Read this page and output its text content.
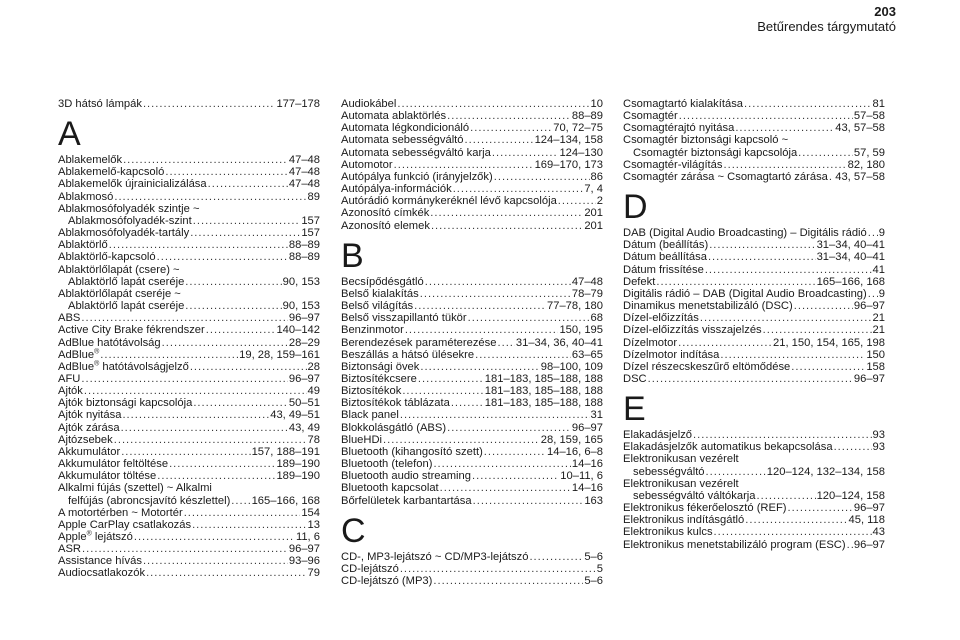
203
Betűrendes tárgymutató
3D hátsó lámpák .....	177–178
A
Ablakemelők .....	47–48
Ablakemelő-kapcsoló .....	47–48
Ablakemelők újrainicializálása .....	47–48
Ablakmosó .....	89
Ablakmosófolyadék szintje ~
Ablakmosófolyadék-szint .....	157
Ablakmosófolyadék-tartály .....	157
Ablaktörlő .....	88–89
Ablaktörlő-kapcsoló .....	88–89
Ablaktörlőlapát (csere) ~
Ablaktörlő lapát cseréje .....	90, 153
Ablaktörlőlapát cseréje ~
Ablaktörlő lapát cseréje .....	90, 153
ABS .....	96–97
Active City Brake fékrendszer .....	140–142
AdBlue hatótávolság .....	28–29
AdBlue® .....	19, 28, 159–161
AdBlue® hatótávolságjelző .....	28
AFU .....	96–97
Ajtók .....	49
Ajtók biztonsági kapcsolója .....	50–51
Ajtók nyitása .....	43, 49–51
Ajtók zárása .....	43, 49
Ajtózsebek .....	78
Akkumulátor .....	157, 188–191
Akkumulátor feltöltése .....	189–190
Akkumulátor töltése .....	189–190
Alkalmi fújás (szettel) ~ Alkalmi
felfújás (abroncsjavító készlettel) ..... 165–166, 168
A motortérben ~ Motortér .....	154
Apple CarPlay csatlakozás .....	13
Apple® lejátszó .....	11, 6
ASR .....	96–97
Assistance hívás .....	93–96
Audiocsatlakozók .....	79
Audiokábel .....	10
Automata ablaktörlés .....	88–89
Automata légkondicionáló .....	70, 72–75
Automata sebességváltó .....	124–134, 158
Automata sebességváltó karja .....	124–130
Automotor .....	169–170, 173
Autópálya funkció (irányjelzők) .....	86
Autópálya-információk .....	7, 4
Autórádió kormánykeréknél lévő kapcsolója .....	2
Azonosító címkék .....	201
Azonosító elemek .....	201
B
Becsípődésgátló .....	47–48
Belső kialakítás .....	78–79
Belső világítás .....	77–78, 180
Belső visszapillantó tükör .....	68
Benzinmotor .....	150, 195
Berendezések paraméterezése ..... 31–34, 36, 40–41
Beszállás a hátsó ülésekre .....	63–65
Biztonsági övek .....	98–100, 109
Biztosítékcsere .....	181–183, 185–188, 188
Biztosítékok .....	181–183, 185–188, 188
Biztosítékok táblázata .....	181–183, 185–188, 188
Black panel .....	31
Blokkolásgátló (ABS) .....	96–97
BlueHDi .....	28, 159, 165
Bluetooth (kihangosító szett) .....	14–16, 6–8
Bluetooth (telefon) .....	14–16
Bluetooth audio streaming .....	10–11, 6
Bluetooth kapcsolat .....	14–16
Bőrfelületek karbantartása .....	163
C
CD-, MP3-lejátszó ~ CD/MP3-lejátszó .....	5–6
CD-lejátszó .....	5
CD-lejátszó (MP3) .....	5–6
Csomagtartó kialakítása .....	81
Csomagtér .....	57–58
Csomagtérajtó nyitása .....	43, 57–58
Csomagtér biztonsági kapcsoló ~
Csomagtér biztonsági kapcsolója .....	57, 59
Csomagtér-világítás .....	82, 180
Csomagtér zárása ~ Csomagtartó zárása ..... 43, 57–58
D
DAB (Digital Audio Broadcasting) – Digitális rádió ..... 9
Dátum (beállítás) .....	31–34, 40–41
Dátum beállítása .....	31–34, 40–41
Dátum frissítése .....	41
Defekt .....	165–166, 168
Digitális rádió – DAB (Digital Audio Broadcasting) ..... 9
Dinamikus menetstabilizáló (DSC) .....	96–97
Dízel-előizzítás .....	21
Dízel-előizzítás visszajelzés .....	21
Dízelmotor .....	21, 150, 154, 165, 198
Dízelmotor indítása .....	150
Dízel részecskeszűrő eltömődése .....	158
DSC .....	96–97
E
Elakadásjelző .....	93
Elakadásjelzők automatikus bekapcsolása .....	93
Elektronikusan vezérelt
sebességváltó .....	120–124, 132–134, 158
Elektronikusan vezérelt
sebességváltó váltókarja .....	120–124, 158
Elektronikus fékerőelosztó (REF) .....	96–97
Elektronikus indításgátló .....	45, 118
Elektronikus kulcs .....	43
Elektronikus menetstabilizáló program (ESC) ..... 96–97
